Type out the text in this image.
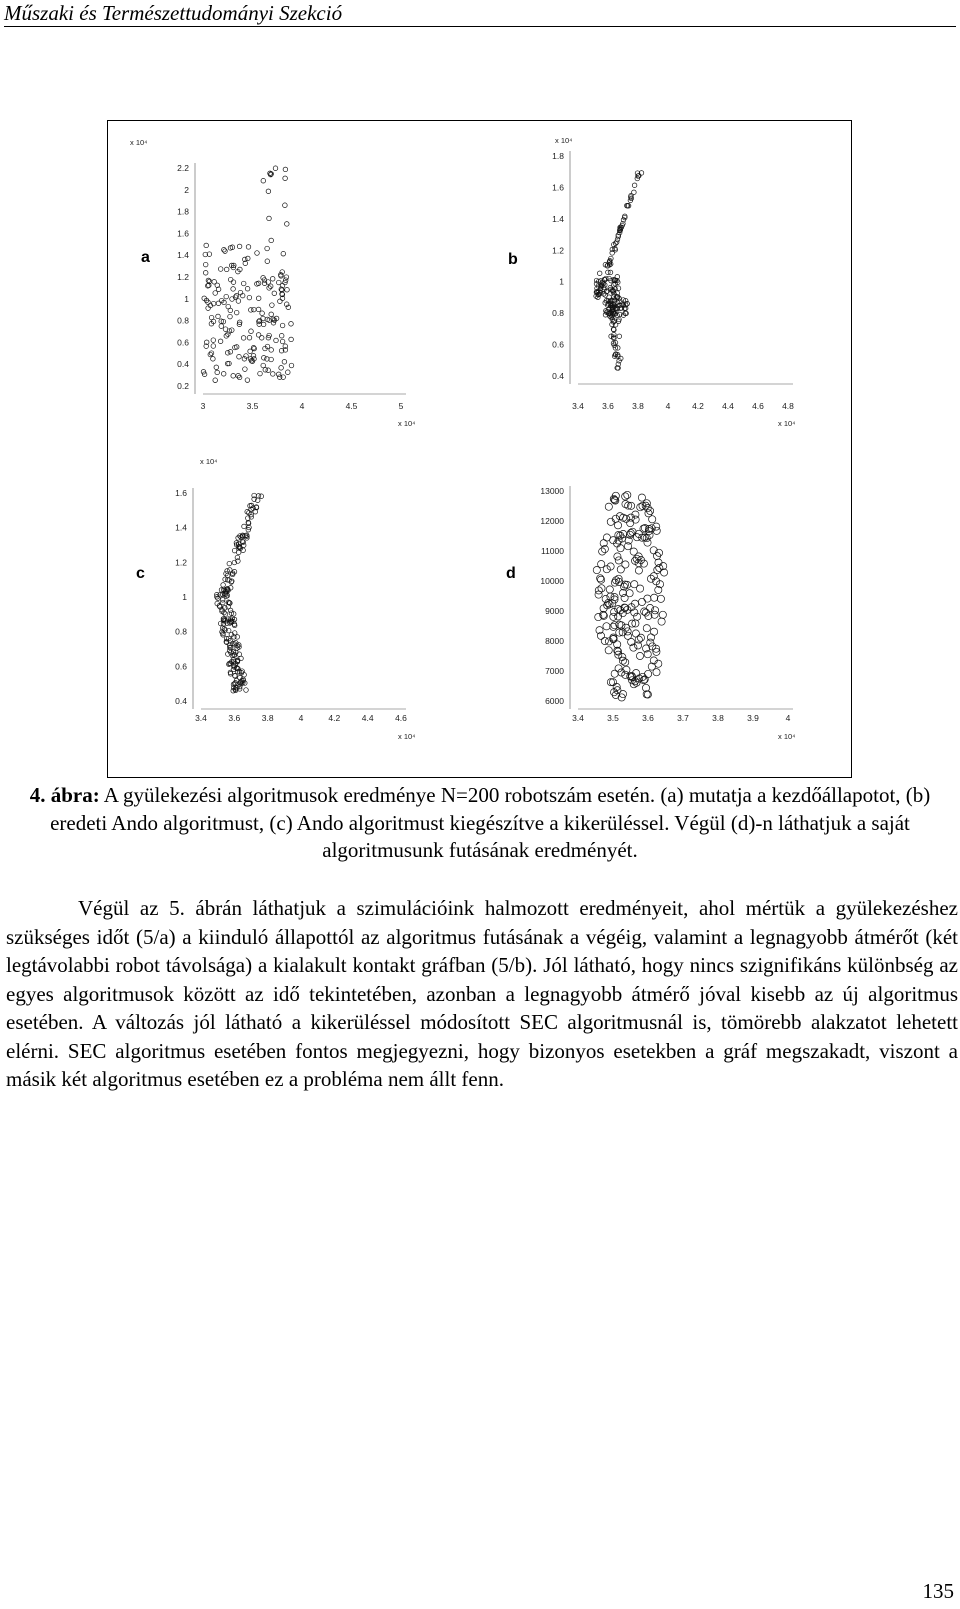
Műszaki és Természettudományi Szekció
a
3	3.5	4	4.5	5
0.2
0.4
0.6
0.8
1
1.2
1.4
1.6
1.8
2
2.2
x 10⁴
x 10⁴
b
3.4 3.6 3.8	4	4.2 4.4 4.6 4.8
0.4
0.6
0.8
1
1.2
1.4
1.6
1.8
x 10⁴
x 10⁴
c
3.4	3.6	3.8	4	4.2	4.4	4.6
0.4
0.6
0.8
1
1.2
1.4
1.6
x 10⁴
x 10⁴
d
3.4	3.5	3.6	3.7	3.8	3.9	4
6000
7000
8000
9000
10000
11000
12000
13000
x 10⁴
4. ábra: A gyülekezési algoritmusok eredménye N=200 robotszám esetén. (a) mutatja a kezdőállapotot, (b) eredeti Ando algoritmust, (c) Ando algoritmust kiegészítve a kikerüléssel. Végül (d)-n láthatjuk a saját algoritmusunk futásának eredményét.

Végül az 5. ábrán láthatjuk a szimulációink halmozott eredményeit, ahol mértük a gyülekezéshez szükséges időt (5/a) a kiinduló állapottól az algoritmus futásának a végéig, valamint a legnagyobb átmérőt (két legtávolabbi robot távolsága) a kialakult kontakt gráfban (5/b). Jól látható, hogy nincs szignifikáns különbség az egyes algoritmusok között az idő tekintetében, azonban a legnagyobb átmérő jóval kisebb az új algoritmus esetében. A változás jól látható a kikerüléssel módosított SEC algoritmusnál is, tömörebb alakzatot lehetett elérni. SEC algoritmus esetében fontos megjegyezni, hogy bizonyos esetekben a gráf megszakadt, viszont a másik két algoritmus esetében ez a probléma nem állt fenn.

135
